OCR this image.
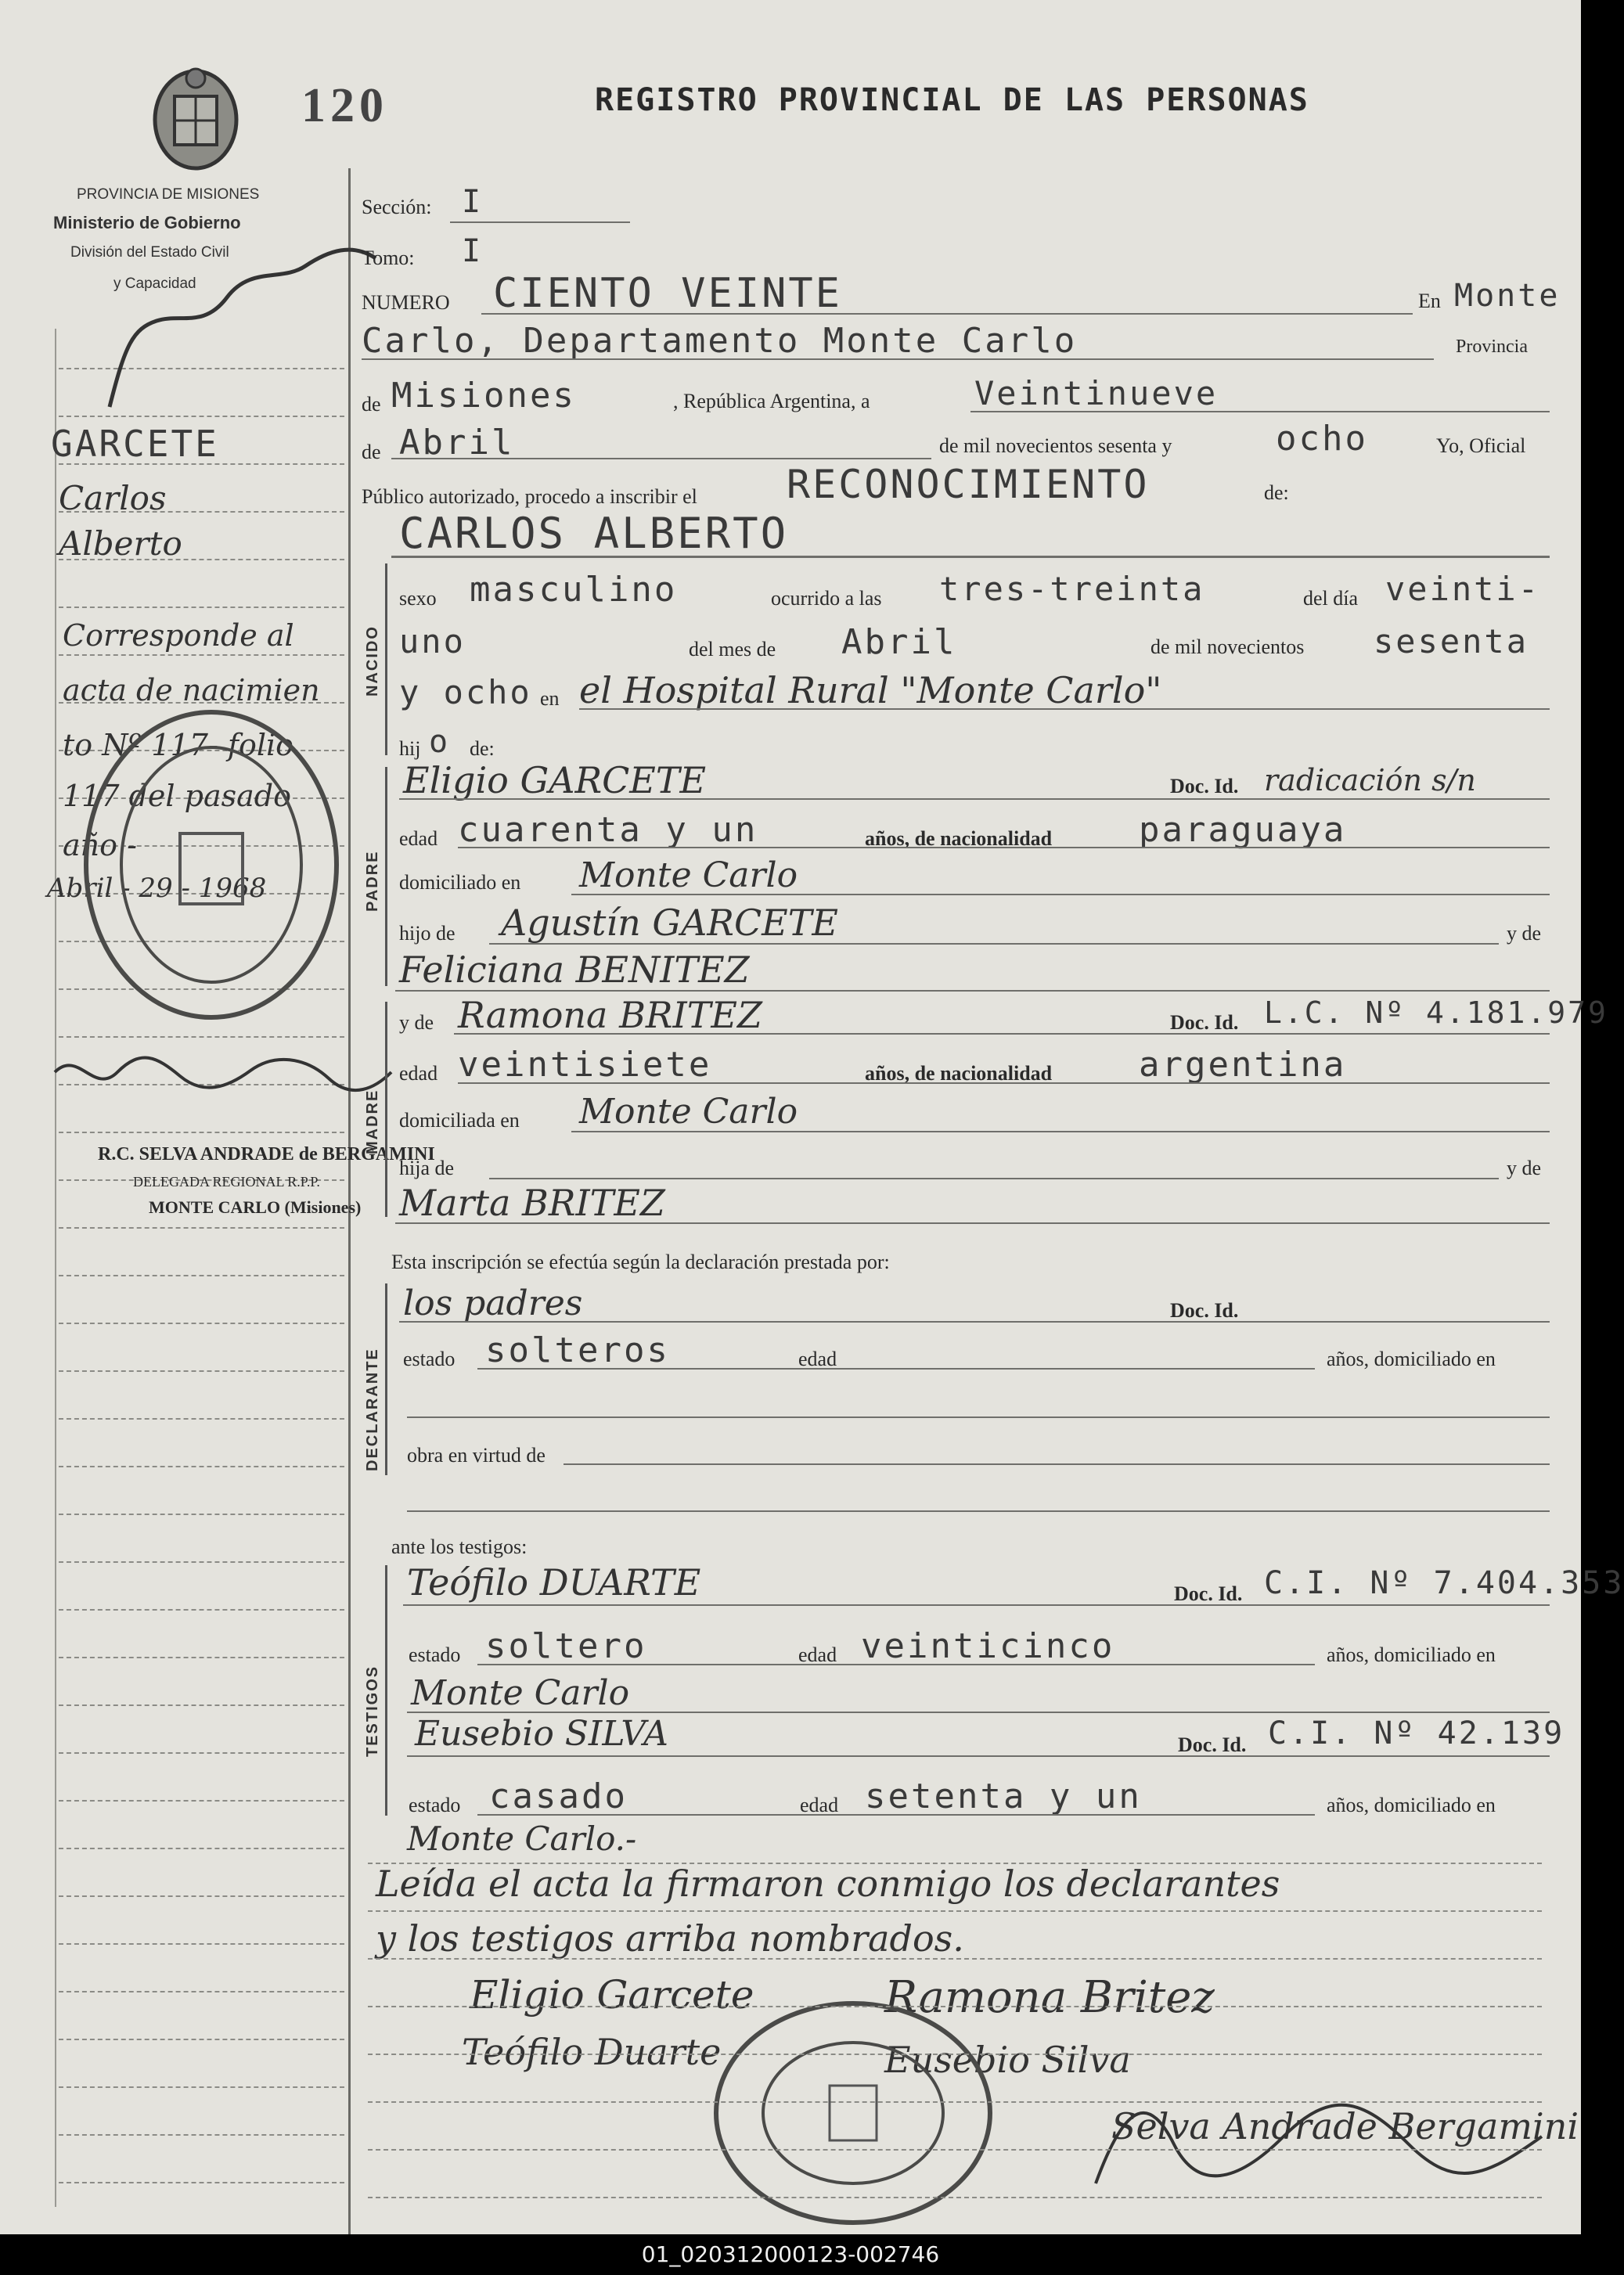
120	REGISTRO PROVINCIAL DE LAS PERSONAS
PROVINCIA DE MISIONES
Ministerio de Gobierno
División del Estado Civil
y Capacidad
GARCETE
Carlos
Alberto
Corresponde al
acta de nacimien
to Nº 117- folio
117 del pasado
año -
Abril - 29 - 1968
R.C. SELVA ANDRADE de BERGAMINI
DELEGADA REGIONAL R.P.P.
MONTE CARLO (Misiones)
Sección: I
Tomo: I
NUMERO CIENTO VEINTE	En Monte
Carlo, Departamento Monte Carlo	Provincia
de Misiones	, República Argentina, a	Veintinueve
de Abril	de mil novecientos sesenta y	ocho	Yo, Oficial
Público autorizado, procedo a inscribir el RECONOCIMIENTO	de:
CARLOS ALBERTO
NACIDO
sexo masculino	ocurrido a las tres-treinta	del día veinti-
uno	del mes de Abril	de mil novecientos sesenta
y ocho en el Hospital Rural "Monte Carlo"
hij o de:
PADRE
Eligio GARCETE	Doc. Id. radicación s/n
edad cuarenta y un	años, de nacionalidad	paraguaya
domiciliado en Monte Carlo
hijo de Agustín GARCETE	y de
Feliciana BENITEZ
MADRE
y de Ramona BRITEZ	Doc. Id. L.C. Nº 4.181.979
edad veintisiete	años, de nacionalidad	argentina
domiciliada en Monte Carlo
hija de	y de
Marta BRITEZ
Esta inscripción se efectúa según la declaración prestada por:
DECLARANTE
los padres	Doc. Id.
estado solteros	edad	años, domiciliado en
obra en virtud de
ante los testigos:
TESTIGOS
Teófilo DUARTE	Doc. Id. C.I. Nº 7.404.353
estado soltero	edad veinticinco	años, domiciliado en
Monte Carlo
Eusebio SILVA	Doc. Id. C.I. Nº 42.139
estado casado	edad setenta y un	años, domiciliado en
Monte Carlo.-
Leída el acta la firmaron conmigo los declarantes
y los testigos arriba nombrados.
Eligio Garcete	Ramona Britez
Teófilo Duarte	Eusebio Silva
Selva Andrade Bergamini
01_020312000123-002746
